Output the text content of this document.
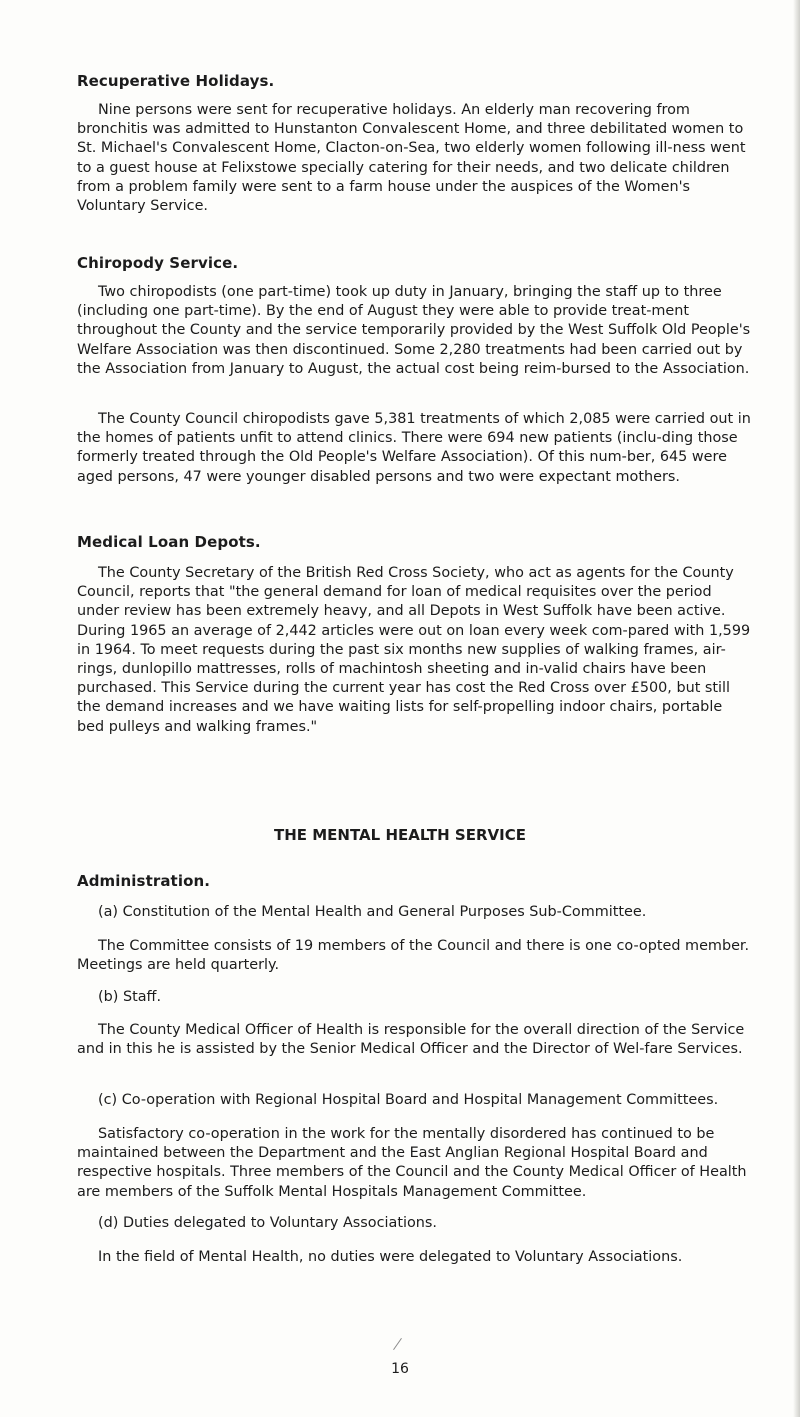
Recuperative Holidays.

Nine persons were sent for recuperative holidays. An elderly man recovering from bronchitis was admitted to Hunstanton Convalescent Home, and three debilitated women to St. Michael's Convalescent Home, Clacton-on-Sea, two elderly women following ill-ness went to a guest house at Felixstowe specially catering for their needs, and two delicate children from a problem family were sent to a farm house under the auspices of the Women's Voluntary Service.

Chiropody Service.

Two chiropodists (one part-time) took up duty in January, bringing the staff up to three (including one part-time). By the end of August they were able to provide treat-ment throughout the County and the service temporarily provided by the West Suffolk Old People's Welfare Association was then discontinued. Some 2,280 treatments had been carried out by the Association from January to August, the actual cost being reim-bursed to the Association.

The County Council chiropodists gave 5,381 treatments of which 2,085 were carried out in the homes of patients unfit to attend clinics. There were 694 new patients (inclu-ding those formerly treated through the Old People's Welfare Association). Of this num-ber, 645 were aged persons, 47 were younger disabled persons and two were expectant mothers.

Medical Loan Depots.

The County Secretary of the British Red Cross Society, who act as agents for the County Council, reports that "the general demand for loan of medical requisites over the period under review has been extremely heavy, and all Depots in West Suffolk have been active. During 1965 an average of 2,442 articles were out on loan every week com-pared with 1,599 in 1964. To meet requests during the past six months new supplies of walking frames, air-rings, dunlopillo mattresses, rolls of machintosh sheeting and in-valid chairs have been purchased. This Service during the current year has cost the Red Cross over £500, but still the demand increases and we have waiting lists for self-propelling indoor chairs, portable bed pulleys and walking frames."

THE MENTAL HEALTH SERVICE
Administration.

(a) Constitution of the Mental Health and General Purposes Sub-Committee.

The Committee consists of 19 members of the Council and there is one co-opted member. Meetings are held quarterly.

(b) Staff.

The County Medical Officer of Health is responsible for the overall direction of the Service and in this he is assisted by the Senior Medical Officer and the Director of Wel-fare Services.

(c) Co-operation with Regional Hospital Board and Hospital Management Committees.

Satisfactory co-operation in the work for the mentally disordered has continued to be maintained between the Department and the East Anglian Regional Hospital Board and respective hospitals. Three members of the Council and the County Medical Officer of Health are members of the Suffolk Mental Hospitals Management Committee.

(d) Duties delegated to Voluntary Associations.

In the field of Mental Health, no duties were delegated to Voluntary Associations.

16
